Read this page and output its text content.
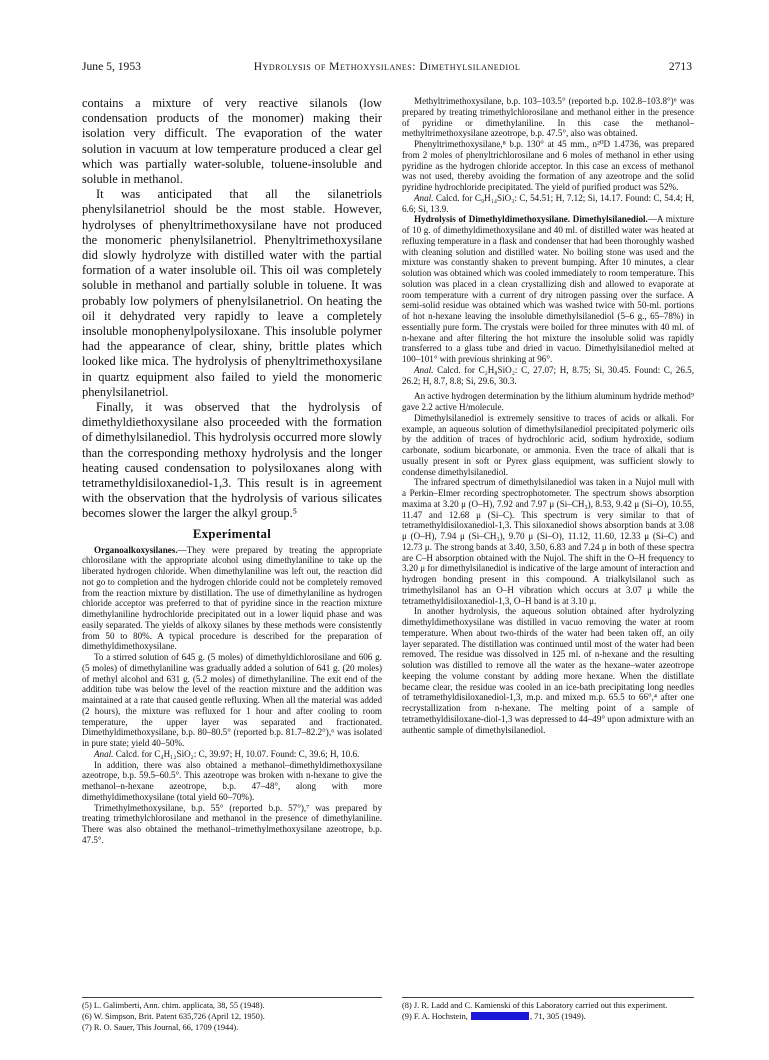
June 5, 1953	Hydrolysis of Methoxysilanes: Dimethylsilanediol	2713

contains a mixture of very reactive silanols (low condensation products of the monomer) making their isolation very difficult. The evaporation of the water solution in vacuum at low temperature produced a clear gel which was partially water-soluble, toluene-insoluble and soluble in methanol.

It was anticipated that all the silanetriols phenylsilanetriol should be the most stable. However, hydrolyses of phenyltrimethoxysilane have not produced the monomeric phenylsilanetriol. Phenyltrimethoxysilane did slowly hydrolyze with distilled water with the partial formation of a water insoluble oil. This oil was completely soluble in methanol and partially soluble in toluene. It was probably low polymers of phenylsilanetriol. On heating the oil it dehydrated very rapidly to leave a completely insoluble monophenylpolysiloxane. This insoluble polymer had the appearance of clear, shiny, brittle plates which looked like mica. The hydrolysis of phenyltrimethoxysilane in quartz equipment also failed to yield the monomeric phenylsilanetriol.

Finally, it was observed that the hydrolysis of dimethyldiethoxysilane also proceeded with the formation of dimethylsilanediol. This hydrolysis occurred more slowly than the corresponding methoxy hydrolysis and the longer heating caused condensation to polysiloxanes along with tetramethyldisiloxanediol-1,3. This result is in agreement with the observation that the hydrolysis of various silicates becomes slower the larger the alkyl group.⁵

Experimental

Organoalkoxysilanes.—They were prepared by treating the appropriate chlorosilane with the appropriate alcohol using dimethylaniline to take up the liberated hydrogen chloride. When dimethylaniline was left out, the reaction did not go to completion and the hydrogen chloride could not be completely removed from the reaction mixture by distillation. The use of dimethylaniline as hydrogen chloride acceptor was preferred to that of pyridine since in the reaction mixture dimethylaniline hydrochloride precipitated out in a lower liquid phase and was easily separated. The yields of alkoxy silanes by these methods were consistently from 50 to 80%. A typical procedure is described for the preparation of dimethyldimethoxysilane.

To a stirred solution of 645 g. (5 moles) of dimethyldichlorosilane and 606 g. (5 moles) of dimethylaniline was gradually added a solution of 641 g. (20 moles) of methyl alcohol and 631 g. (5.2 moles) of dimethylaniline. The exit end of the addition tube was below the level of the reaction mixture and the addition was maintained at a rate that caused gentle refluxing. When all the material was added (2 hours), the mixture was refluxed for 1 hour and after cooling to room temperature, the upper layer was separated and fractionated. Dimethyldimethoxysilane, b.p. 80–80.5° (reported b.p. 81.7–82.2°),⁶ was isolated in pure state; yield 40–50%.

Anal. Calcd. for C₄H₁₂SiO₂: C, 39.97; H, 10.07. Found: C, 39.6; H, 10.6.

In addition, there was also obtained a methanol–dimethyldimethoxysilane azeotrope, b.p. 59.5–60.5°. This azeotrope was broken with n-hexane to give the methanol–n-hexane azeotrope, b.p. 47–48°, along with more dimethyldimethoxysilane (total yield 60–70%).

Trimethylmethoxysilane, b.p. 55° (reported b.p. 57°),⁷ was prepared by treating trimethylchlorosilane and methanol in the presence of dimethylaniline. There was also obtained the methanol–trimethylmethoxysilane azeotrope, b.p. 47.5°.

Methyltrimethoxysilane, b.p. 103–103.5° (reported b.p. 102.8–103.8°)⁶ was prepared by treating trimethylchlorosilane and methanol either in the presence of pyridine or dimethylaniline. In this case the methanol–methyltrimethoxysilane azeotrope, b.p. 47.5°, also was obtained.

Phenyltrimethoxysilane,⁸ b.p. 130° at 45 mm., n²⁰D 1.4736, was prepared from 2 moles of phenyltrichlorosilane and 6 moles of methanol in ether using pyridine as the hydrogen chloride acceptor. In this case an excess of methanol was not used, thereby avoiding the formation of any azeotrope and the solid pyridine hydrochloride precipitated. The yield of purified product was 52%.

Anal. Calcd. for C₉H₁₄SiO₃: C, 54.51; H, 7.12; Si, 14.17. Found: C, 54.4; H, 6.6; Si, 13.9.

Hydrolysis of Dimethyldimethoxysilane. Dimethylsilanediol.—A mixture of 10 g. of dimethyldimethoxysilane and 40 ml. of distilled water was heated at refluxing temperature in a flask and condenser that had been thoroughly washed with cleaning solution and distilled water. No boiling stone was used and the mixture was constantly shaken to prevent bumping. After 10 minutes, a clear solution was obtained which was cooled immediately to room temperature. This solution was placed in a clean crystallizing dish and allowed to evaporate at room temperature with a current of dry nitrogen passing over the surface. A semi-solid residue was obtained which was washed twice with 50-ml. portions of hot n-hexane leaving the insoluble dimethylsilanediol (5–6 g., 65–78%) in essentially pure form. The crystals were boiled for three minutes with 40 ml. of n-hexane and after filtering the hot mixture the insoluble solid was rapidly transferred to a glass tube and dried in vacuo. Dimethylsilanediol melted at 100–101° with previous shrinking at 96°.

Anal. Calcd. for C₂H₈SiO₂: C, 27.07; H, 8.75; Si, 30.45. Found: C, 26.5, 26.2; H, 8.7, 8.8; Si, 29.6, 30.3.

An active hydrogen determination by the lithium aluminum hydride method⁹ gave 2.2 active H/molecule.

Dimethylsilanediol is extremely sensitive to traces of acids or alkali. For example, an aqueous solution of dimethylsilanediol precipitated polymeric oils by the addition of traces of hydrochloric acid, sodium hydroxide, sodium carbonate, sodium bicarbonate, or ammonia. Even the trace of alkali that is usually present in soft or Pyrex glass equipment, was sufficient slowly to condense dimethylsilanediol.

The infrared spectrum of dimethylsilanediol was taken in a Nujol mull with a Perkin–Elmer recording spectrophotometer. The spectrum shows absorption maxima at 3.20 μ (O–H), 7.92 and 7.97 μ (Si–CH₃), 8.53, 9.42 μ (Si–O), 10.55, 11.47 and 12.68 μ (Si–C). This spectrum is very similar to that of tetramethyldisiloxanediol-1,3. This siloxanediol shows absorption bands at 3.08 μ (O–H), 7.94 μ (Si–CH₃), 9.70 μ (Si–O), 11.12, 11.60, 12.33 μ (Si–C) and 12.73 μ. The strong bands at 3.40, 3.50, 6.83 and 7.24 μ in both of these spectra are C–H absorption obtained with the Nujol. The shift in the O–H frequency to 3.20 μ for dimethylsilanediol is indicative of the large amount of interaction and hydrogen bonding present in this compound. A trialkylsilanol such as trimethylsilanol has an O–H vibration which occurs at 3.07 μ while the tetramethyldisiloxanediol-1,3, O–H band is at 3.10 μ.

In another hydrolysis, the aqueous solution obtained after hydrolyzing dimethyldimethoxysilane was distilled in vacuo removing the water at room temperature. When about two-thirds of the water had been taken off, an oily layer separated. The distillation was continued until most of the water had been removed. The residue was dissolved in 125 ml. of n-hexane and the resulting solution was distilled to remove all the water as the hexane–water azeotrope keeping the volume constant by adding more hexane. When the distillate became clear, the residue was cooled in an ice-bath precipitating long needles of tetramethyldisiloxanediol-1,3, m.p. and mixed m.p. 65.5 to 66°,⁴ after one recrystallization from n-hexane. The melting point of a sample of tetramethyldisiloxane-diol-1,3 was depressed to 44–49° upon admixture with an authentic sample of dimethylsilanediol.

(5) L. Galimberti, Ann. chim. applicata, 38, 55 (1948).
(6) W. Simpson, Brit. Patent 635,726 (April 12, 1950).
(7) R. O. Sauer, This Journal, 66, 1709 (1944).
(8) J. R. Ladd and C. Kamienski of this Laboratory carried out this experiment.
(9) F. A. Hochstein,	, 71, 305 (1949).
